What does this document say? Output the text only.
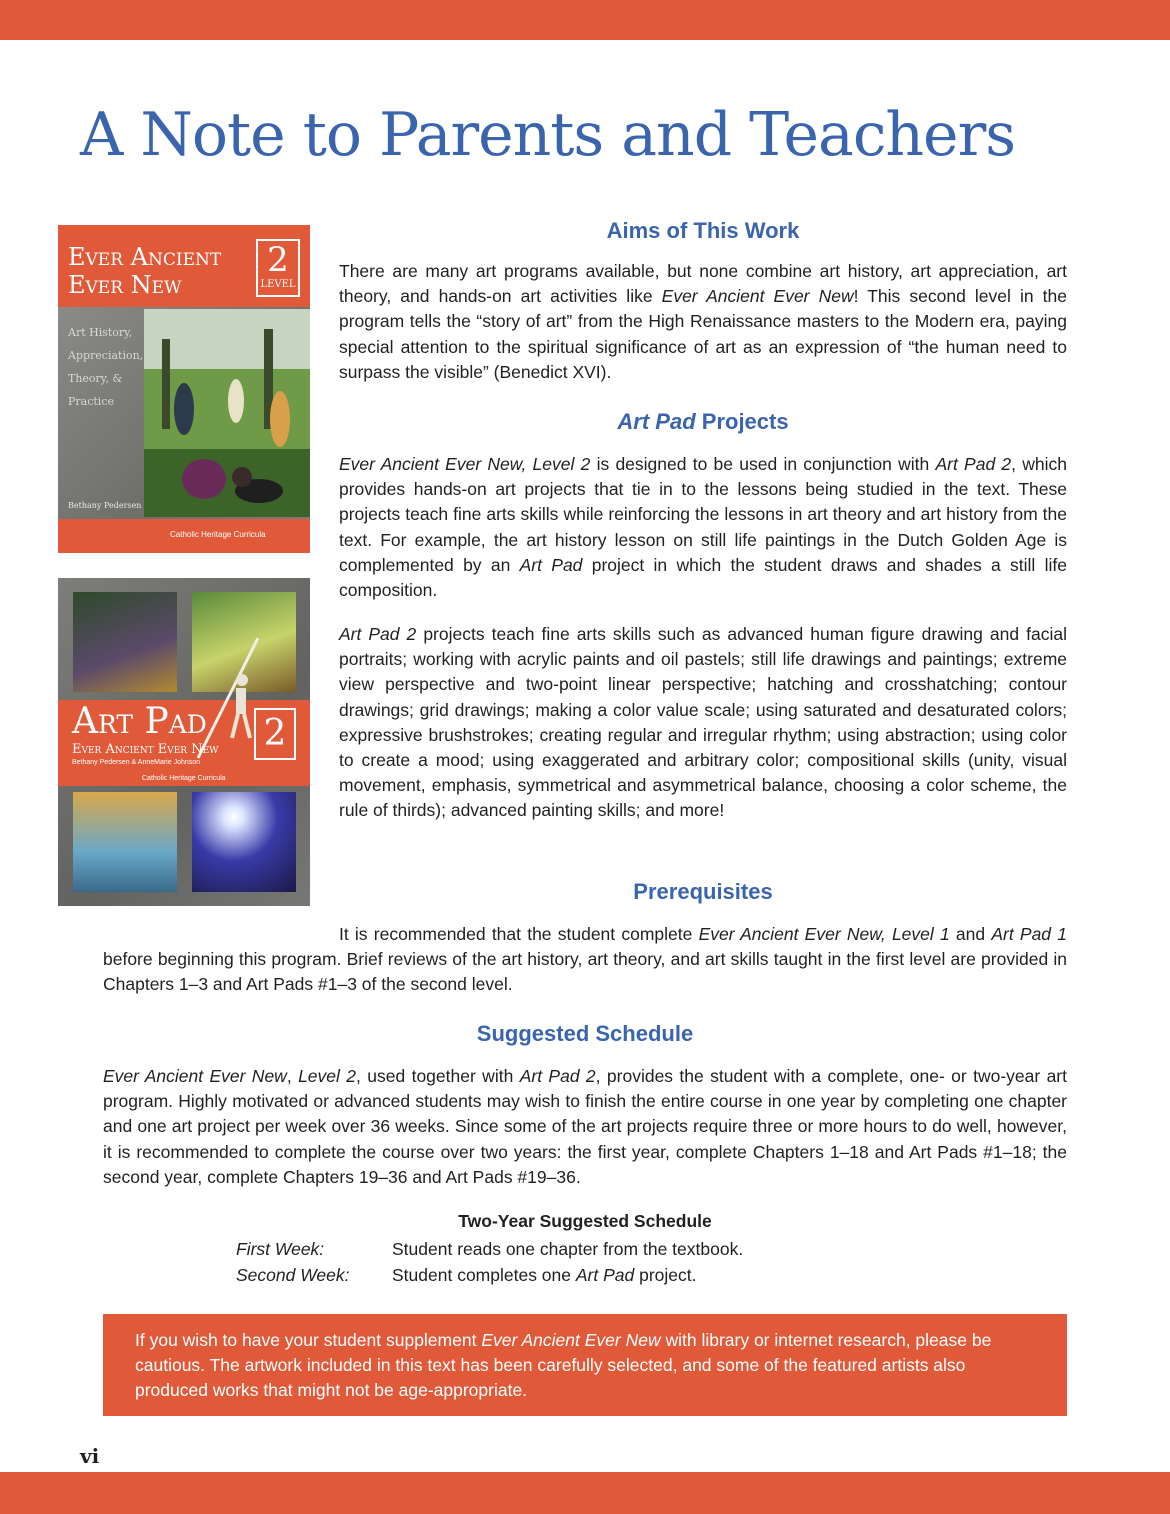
A Note to Parents and Teachers
Ever Ancient
Ever New
2
LEVEL
Art History, Appreciation, Theory, & Practice
Bethany Pedersen
Catholic Heritage Curricula
Art Pad
Ever Ancient Ever New
Bethany Pedersen & AnneMarie Johnson
2
Catholic Heritage Curricula
Aims of This Work

There are many art programs available, but none combine art history, art appreciation, art theory, and hands-on art activities like Ever Ancient Ever New! This second level in the program tells the “story of art” from the High Renaissance masters to the Modern era, paying special attention to the spiritual significance of art as an expression of “the human need to surpass the visible” (Benedict XVI).

Art Pad Projects

Ever Ancient Ever New, Level 2 is designed to be used in conjunction with Art Pad 2, which provides hands-on art projects that tie in to the lessons being studied in the text. These projects teach fine arts skills while reinforcing the lessons in art theory and art history from the text. For example, the art history lesson on still life paintings in the Dutch Golden Age is complemented by an Art Pad project in which the student draws and shades a still life composition.

Art Pad 2 projects teach fine arts skills such as advanced human figure drawing and facial portraits; working with acrylic paints and oil pastels; still life drawings and paintings; extreme view perspective and two-point linear perspective; hatching and crosshatching; contour drawings; grid drawings; making a color value scale; using saturated and desaturated colors; expressive brushstrokes; creating regular and irregular rhythm; using abstraction; using color to create a mood; using exaggerated and arbitrary color; compositional skills (unity, visual movement, emphasis, symmetrical and asymmetrical balance, choosing a color scheme, the rule of thirds); advanced painting skills; and more!

Prerequisites

It is recommended that the student complete Ever Ancient Ever New, Level 1 and Art Pad 1 before beginning this program. Brief reviews of the art history, art theory, and art skills taught in the first level are provided in Chapters 1–3 and Art Pads #1–3 of the second level.

Suggested Schedule

Ever Ancient Ever New, Level 2, used together with Art Pad 2, provides the student with a complete, one- or two-year art program. Highly motivated or advanced students may wish to finish the entire course in one year by completing one chapter and one art project per week over 36 weeks. Since some of the art projects require three or more hours to do well, however, it is recommended to complete the course over two years: the first year, complete Chapters 1–18 and Art Pads #1–18; the second year, complete Chapters 19–36 and Art Pads #19–36.

Two-Year Suggested Schedule
First Week:	Student reads one chapter from the textbook.
Second Week: Student completes one Art Pad project.
If you wish to have your student supplement Ever Ancient Ever New with library or internet research, please be cautious. The artwork included in this text has been carefully selected, and some of the featured artists also produced works that might not be age-appropriate.
vi
